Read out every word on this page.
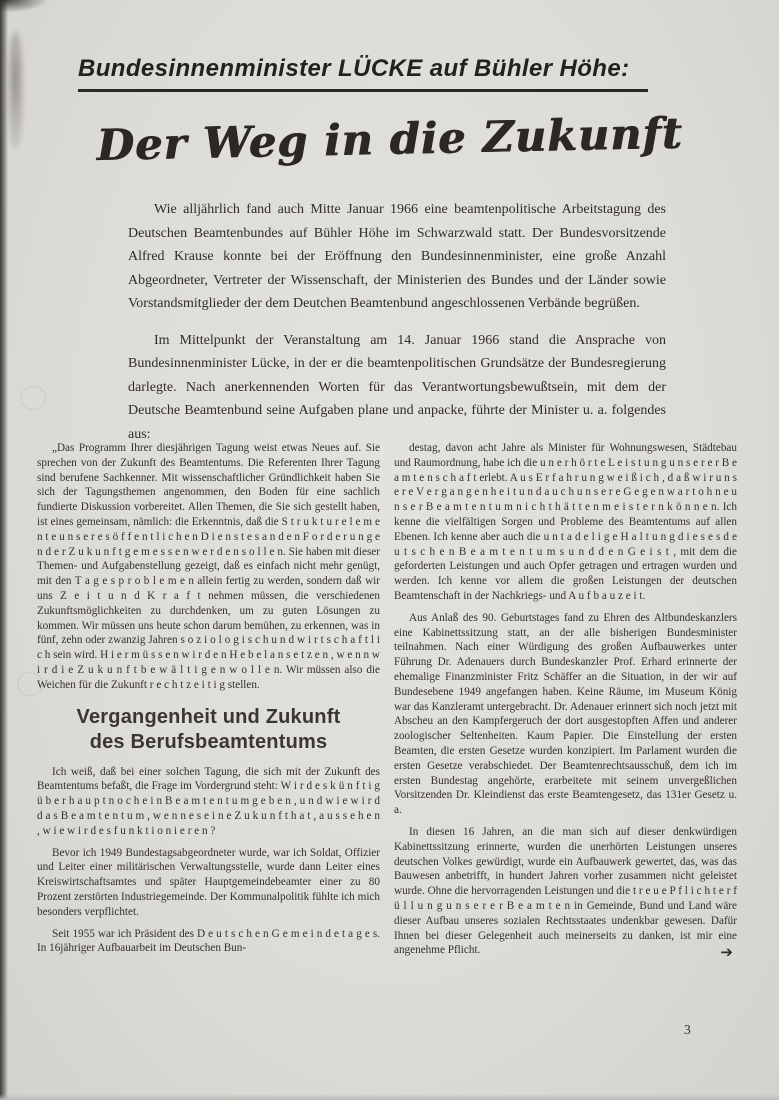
Bundesinnenminister LÜCKE auf Bühler Höhe:
Der Weg in die Zukunft

Wie alljährlich fand auch Mitte Januar 1966 eine beamtenpolitische Arbeitstagung des Deutschen Beamtenbundes auf Bühler Höhe im Schwarzwald statt. Der Bundesvorsitzende Alfred Krause konnte bei der Eröffnung den Bundesinnenminister, eine große Anzahl Abgeordneter, Vertreter der Wissenschaft, der Ministerien des Bundes und der Länder sowie Vorstandsmitglieder der dem Deutchen Beamtenbund angeschlossenen Verbände begrüßen.

Im Mittelpunkt der Veranstaltung am 14. Januar 1966 stand die Ansprache von Bundesinnenminister Lücke, in der er die beamtenpolitischen Grundsätze der Bundesregierung darlegte. Nach anerkennenden Worten für das Verantwortungsbewußtsein, mit dem der Deutsche Beamtenbund seine Aufgaben plane und anpacke, führte der Minister u. a. folgendes aus:

„Das Programm Ihrer diesjährigen Tagung weist etwas Neues auf. Sie sprechen von der Zukunft des Beamtentums. Die Referenten Ihrer Tagung sind berufene Sachkenner. Mit wissenschaftlicher Gründlichkeit haben Sie sich der Tagungsthemen angenommen, den Boden für eine sachlich fundierte Diskussion vorbereitet. Allen Themen, die Sie sich gestellt haben, ist eines gemeinsam, nämlich: die Erkenntnis, daß die S t r u k t u r e l e m e n t e u n s e r e s ö f f e n t l i c h e n D i e n s t e s a n d e n F o r d e r u n g e n d e r Z u k u n f t g e m e s s e n w e r d e n s o l l e n. Sie haben mit dieser Themen- und Aufgabenstellung gezeigt, daß es einfach nicht mehr genügt, mit den T a g e s p r o b l e m e n allein fertig zu werden, sondern daß wir uns Z e i t u n d K r a f t nehmen müssen, die verschiedenen Zukunftsmöglichkeiten zu durchdenken, um zu guten Lösungen zu kommen. Wir müssen uns heute schon darum bemühen, zu erkennen, was in fünf, zehn oder zwanzig Jahren s o z i o l o g i s c h u n d w i r t s c h a f t l i c h sein wird. H i e r m ü s s e n w i r d e n H e b e l a n s e t z e n , w e n n w i r d i e Z u k u n f t b e w ä l t i g e n w o l l e n. Wir müssen also die Weichen für die Zukunft r e c h t z e i t i g stellen.

Vergangenheit und Zukunft
des Berufsbeamtentums

Ich weiß, daß bei einer solchen Tagung, die sich mit der Zukunft des Beamtentums befaßt, die Frage im Vordergrund steht: W i r d e s k ü n f t i g ü b e r h a u p t n o c h e i n B e a m t e n t u m g e b e n , u n d w i e w i r d d a s B e a m t e n t u m , w e n n e s e i n e Z u k u n f t h a t , a u s s e h e n , w i e w i r d e s f u n k t i o n i e r e n ?

Bevor ich 1949 Bundestagsabgeordneter wurde, war ich Soldat, Offizier und Leiter einer militärischen Verwaltungsstelle, wurde dann Leiter eines Kreiswirtschaftsamtes und später Hauptgemeindebeamter einer zu 80 Prozent zerstörten Industriegemeinde. Der Kommunalpolitik fühlte ich mich besonders verpflichtet.

Seit 1955 war ich Präsident des D e u t s c h e n G e m e i n d e t a g e s. In 16jähriger Aufbauarbeit im Deutschen Bun-

destag, davon acht Jahre als Minister für Wohnungswesen, Städtebau und Raumordnung, habe ich die u n e r h ö r t e L e i s t u n g u n s e r e r B e a m t e n s c h a f t erlebt. A u s E r f a h r u n g w e i ß i c h , d a ß w i r u n s e r e V e r g a n g e n h e i t u n d a u c h u n s e r e G e g e n w a r t o h n e u n s e r B e a m t e n t u m n i c h t h ä t t e n m e i s t e r n k ö n n e n. Ich kenne die vielfältigen Sorgen und Probleme des Beamtentums auf allen Ebenen. Ich kenne aber auch die u n t a d e l i g e H a l t u n g d i e s e s d e u t s c h e n B e a m t e n t u m s u n d d e n G e i s t , mit dem die geforderten Leistungen und auch Opfer getragen und ertragen wurden und werden. Ich kenne vor allem die großen Leistungen der deutschen Beamtenschaft in der Nachkriegs- und A u f b a u z e i t.

Aus Anlaß des 90. Geburtstages fand zu Ehren des Altbundeskanzlers eine Kabinettssitzung statt, an der alle bisherigen Bundesminister teilnahmen. Nach einer Würdigung des großen Aufbauwerkes unter Führung Dr. Adenauers durch Bundeskanzler Prof. Erhard erinnerte der ehemalige Finanzminister Fritz Schäffer an die Situation, in der wir auf Bundesebene 1949 angefangen haben. Keine Räume, im Museum König war das Kanzleramt untergebracht. Dr. Adenauer erinnert sich noch jetzt mit Abscheu an den Kampfergeruch der dort ausgestopften Affen und anderer zoologischer Seltenheiten. Kaum Papier. Die Einstellung der ersten Beamten, die ersten Gesetze wurden konzipiert. Im Parlament wurden die ersten Gesetze verabschiedet. Der Beamtenrechtsausschuß, dem ich im ersten Bundestag angehörte, erarbeitete mit seinem unvergeßlichen Vorsitzenden Dr. Kleindienst das erste Beamtengesetz, das 131er Gesetz u. a.

In diesen 16 Jahren, an die man sich auf dieser denkwürdigen Kabinettssitzung erinnerte, wurden die unerhörten Leistungen unseres deutschen Volkes gewürdigt, wurde ein Aufbauwerk gewertet, das, was das Bauwesen anbetrifft, in hundert Jahren vorher zusammen nicht geleistet wurde. Ohne die hervorragenden Leistungen und die t r e u e P f l i c h t e r f ü l l u n g u n s e r e r B e a m t e n in Gemeinde, Bund und Land wäre dieser Aufbau unseres sozialen Rechtsstaates undenkbar gewesen. Dafür Ihnen bei dieser Gelegenheit auch meinerseits zu danken, ist mir eine angenehme Pflicht.	➔

3
